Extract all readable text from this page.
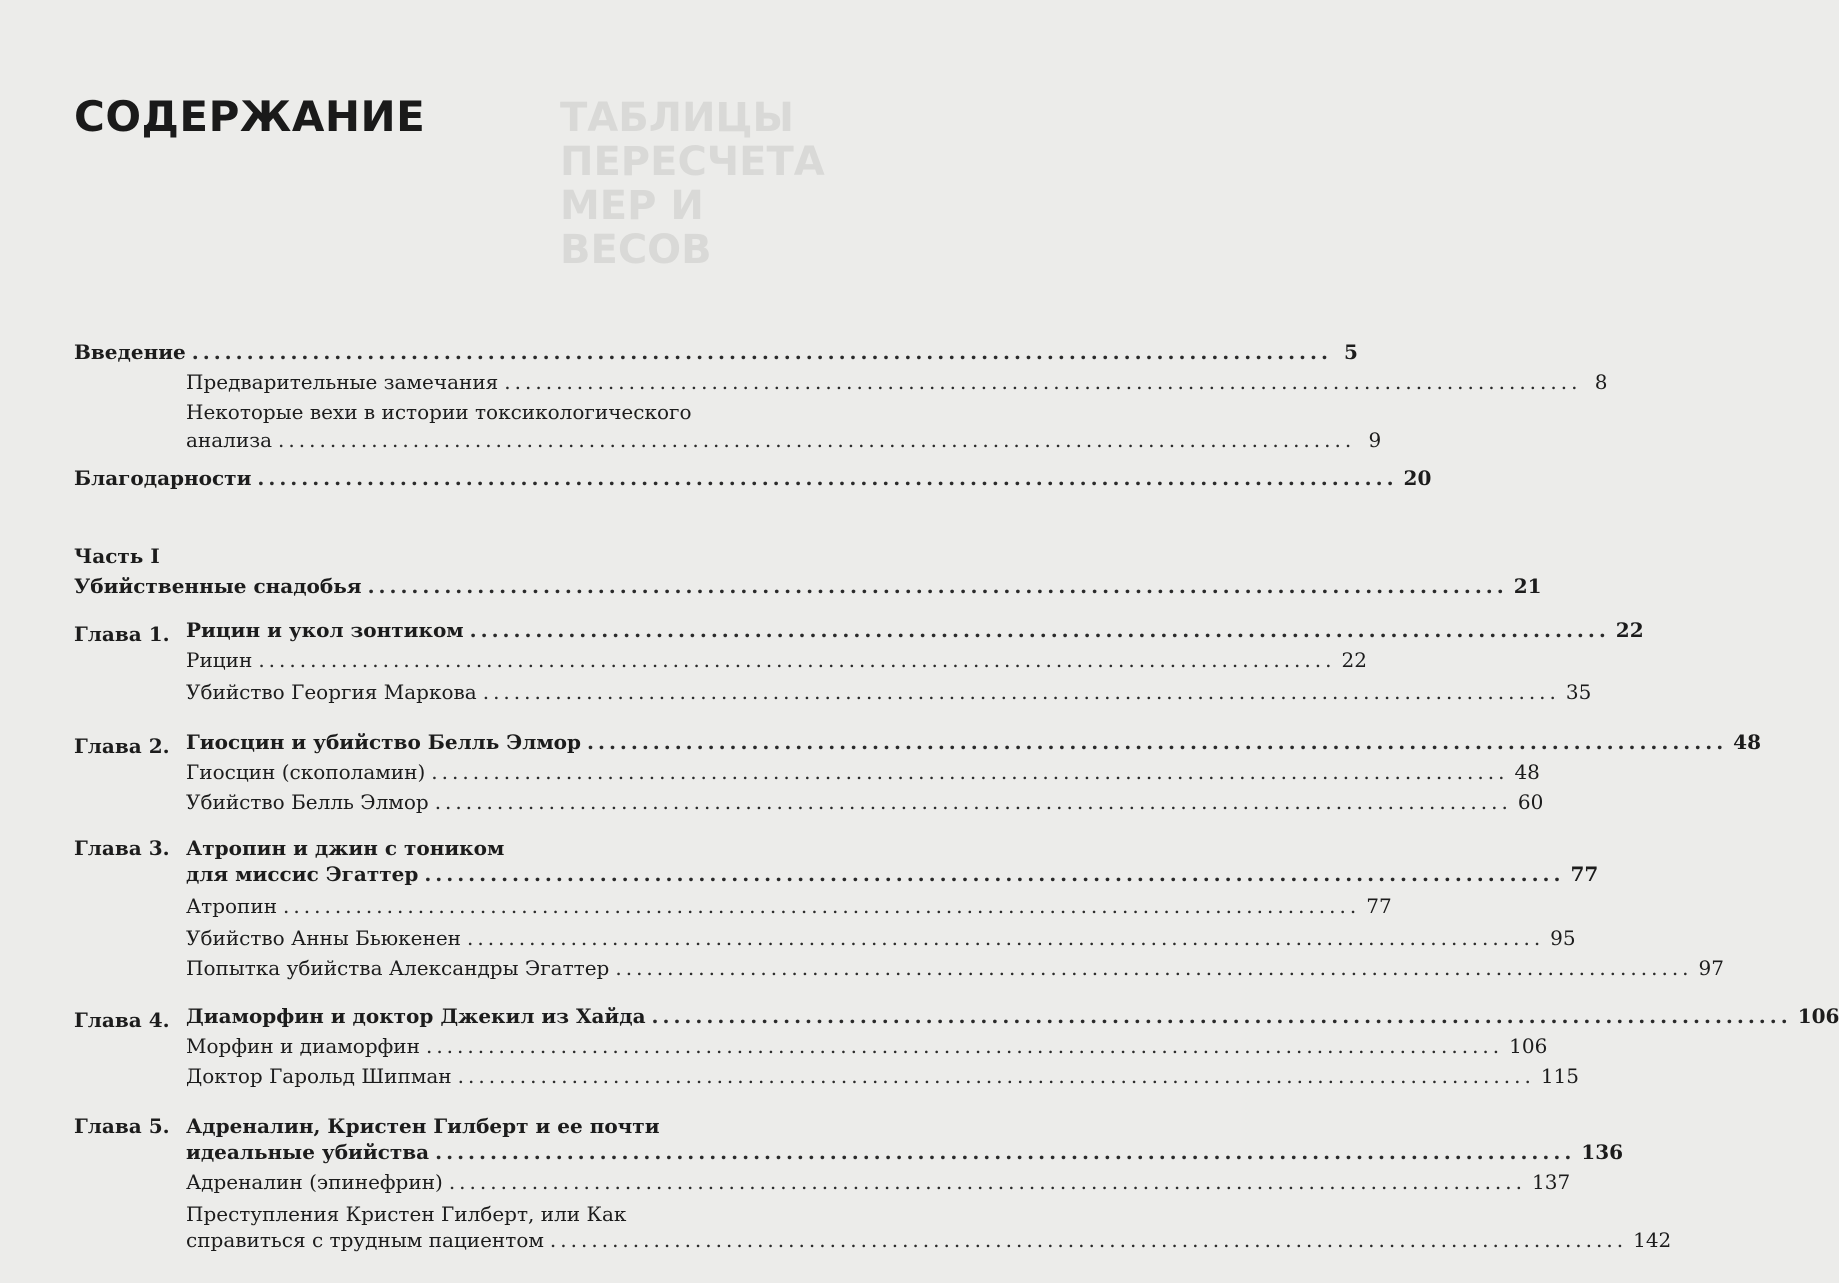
ТАБЛИЦЫ ПЕРЕСЧЕТА
МЕР И ВЕСОВ
СОДЕРЖАНИЕ
Введение ........................................................................................................ 5
Предварительные замечания ........................................................................................................ 8
Некоторые вехи в истории токсикологического
анализа ........................................................................................................ 9
Благодарности ........................................................................................................ 20
Часть I
Убийственные снадобья ........................................................................................................ 21
Глава 1. Рицин и укол зонтиком ........................................................................................................ 22
Рицин ........................................................................................................ 22
Убийство Георгия Маркова ........................................................................................................ 35
Глава 2. Гиосцин и убийство Белль Элмор ........................................................................................................ 48
Гиосцин (скополамин) ........................................................................................................ 48
Убийство Белль Элмор ........................................................................................................ 60
Глава 3. Атропин и джин с тоником
для миссис Эгаттер ........................................................................................................ 77
Атропин ........................................................................................................ 77
Убийство Анны Бьюкенен ........................................................................................................ 95
Попытка убийства Александры Эгаттер ........................................................................................................ 97
Глава 4. Диаморфин и доктор Джекил из Хайда ........................................................................................................ 106
Морфин и диаморфин ........................................................................................................ 106
Доктор Гарольд Шипман ........................................................................................................ 115
Глава 5. Адреналин, Кристен Гилберт и ее почти
идеальные убийства ........................................................................................................ 136
Адреналин (эпинефрин) ........................................................................................................ 137
Преступления Кристен Гилберт, или Как
справиться с трудным пациентом ........................................................................................................ 142
